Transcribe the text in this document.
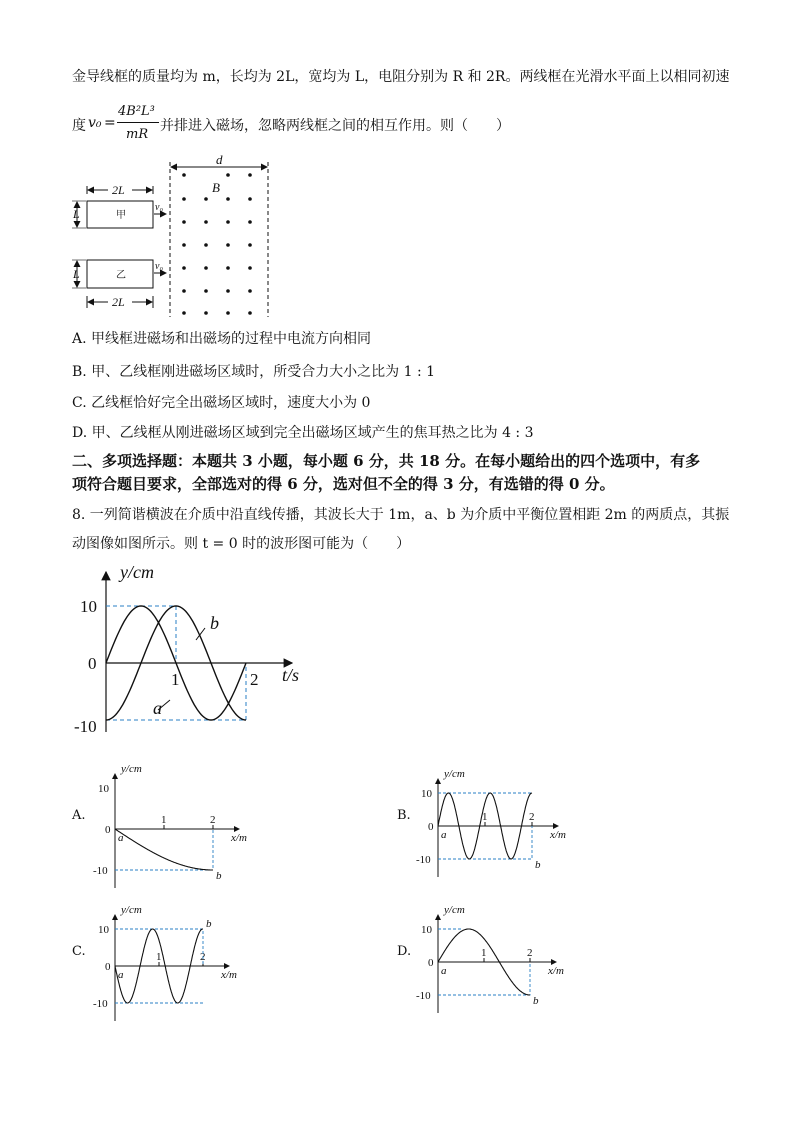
金导线框的质量均为 m，长均为 2L，宽均为 L，电阻分别为 R 和 2R。两线框在光滑水平面上以相同初速
度 v₀ =
4B²L³
mR
并排进入磁场，忽略两线框之间的相互作用。则（　　）
d
B
2L
甲
v₀
L
乙
v₀
L
2L
A. 甲线框进磁场和出磁场的过程中电流方向相同
B. 甲、乙线框刚进磁场区域时，所受合力大小之比为 1 : 1
C. 乙线框恰好完全出磁场区域时，速度大小为 0
D. 甲、乙线框从刚进磁场区域到完全出磁场区域产生的焦耳热之比为 4 : 3
二、多项选择题：本题共 3 小题，每小题 6 分，共 18 分。在每小题给出的四个选项中，有多
项符合题目要求，全部选对的得 6 分，选对但不全的得 3 分，有选错的得 0 分。
8. 一列简谐横波在介质中沿直线传播，其波长大于 1m，a、b 为介质中平衡位置相距 2m 的两质点，其振
动图像如图所示。则 t = 0 时的波形图可能为（　　）
y/cm
t/s
10
0
-10
1	2
b
a
A.	B.
C.	D.
y/cm
x/m
10
0
-10
1	2
a
b
y/cm
x/m
10
0
-10
1	2
a
b
y/cm
x/m
10
0
-10
1	2
a
b
y/cm
x/m
10
0
-10
1	2
a
b
